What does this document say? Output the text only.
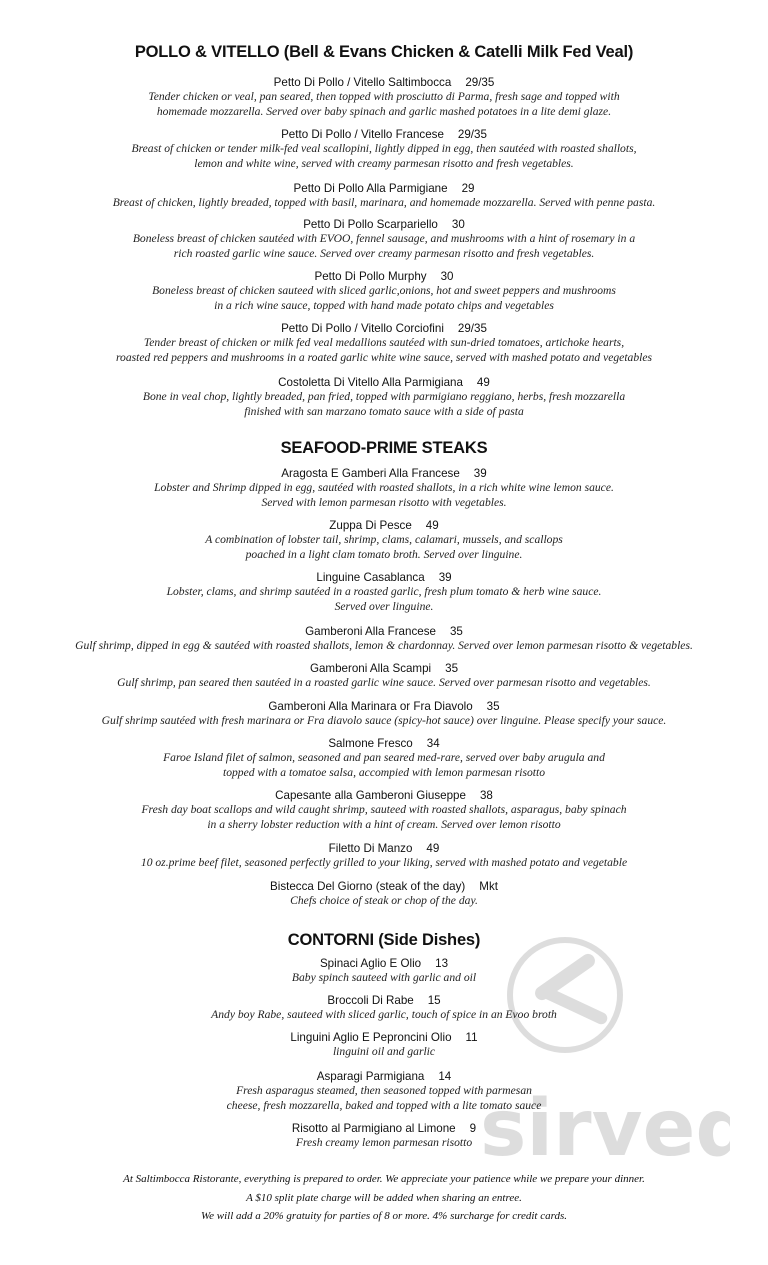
sirved
POLLO & VITELLO (Bell & Evans Chicken & Catelli Milk Fed Veal)
Petto Di Pollo / Vitello Saltimbocca 29/35
Tender chicken or veal, pan seared, then topped with prosciutto di Parma, fresh sage and topped with
homemade mozzarella. Served over baby spinach and garlic mashed potatoes in a lite demi glaze.
Petto Di Pollo / Vitello Francese 29/35
Breast of chicken or tender milk-fed veal scallopini, lightly dipped in egg, then sautéed with roasted shallots,
lemon and white wine, served with creamy parmesan risotto and fresh vegetables.
Petto Di Pollo Alla Parmigiane 29
Breast of chicken, lightly breaded, topped with basil, marinara, and homemade mozzarella. Served with penne pasta.
Petto Di Pollo Scarpariello 30
Boneless breast of chicken sautéed with EVOO, fennel sausage, and mushrooms with a hint of rosemary in a
rich roasted garlic wine sauce. Served over creamy parmesan risotto and fresh vegetables.
Petto Di Pollo Murphy 30
Boneless breast of chicken sauteed with sliced garlic,onions, hot and sweet peppers and mushrooms
in a rich wine sauce, topped with hand made potato chips and vegetables
Petto Di Pollo / Vitello Corciofini 29/35
Tender breast of chicken or milk fed veal medallions sautéed with sun-dried tomatoes, artichoke hearts,
roasted red peppers and mushrooms in a roated garlic white wine sauce, served with mashed potato and vegetables
Costoletta Di Vitello Alla Parmigiana 49
Bone in veal chop, lightly breaded, pan fried, topped with parmigiano reggiano, herbs, fresh mozzarella
finished with san marzano tomato sauce with a side of pasta
SEAFOOD-PRIME STEAKS
Aragosta E Gamberi Alla Francese 39
Lobster and Shrimp dipped in egg, sautéed with roasted shallots, in a rich white wine lemon sauce.
Served with lemon parmesan risotto with vegetables.
Zuppa Di Pesce 49
A combination of lobster tail, shrimp, clams, calamari, mussels, and scallops
poached in a light clam tomato broth. Served over linguine.
Linguine Casablanca 39
Lobster, clams, and shrimp sautéed in a roasted garlic, fresh plum tomato & herb wine sauce.
Served over linguine.
Gamberoni Alla Francese 35
Gulf shrimp, dipped in egg & sautéed with roasted shallots, lemon & chardonnay. Served over lemon parmesan risotto & vegetables.
Gamberoni Alla Scampi 35
Gulf shrimp, pan seared then sautéed in a roasted garlic wine sauce. Served over parmesan risotto and vegetables.
Gamberoni Alla Marinara or Fra Diavolo 35
Gulf shrimp sautéed with fresh marinara or Fra diavolo sauce (spicy-hot sauce) over linguine. Please specify your sauce.
Salmone Fresco 34
Faroe Island filet of salmon, seasoned and pan seared med-rare, served over baby arugula and
topped with a tomatoe salsa, accompied with lemon parmesan risotto
Capesante alla Gamberoni Giuseppe 38
Fresh day boat scallops and wild caught shrimp, sauteed with roasted shallots, asparagus, baby spinach
in a sherry lobster reduction with a hint of cream. Served over lemon risotto
Filetto Di Manzo 49
10 oz.prime beef filet, seasoned perfectly grilled to your liking, served with mashed potato and vegetable
Bistecca Del Giorno (steak of the day) Mkt
Chefs choice of steak or chop of the day.
CONTORNI (Side Dishes)
Spinaci Aglio E Olio 13
Baby spinch sauteed with garlic and oil
Broccoli Di Rabe 15
Andy boy Rabe, sauteed with sliced garlic, touch of spice in an Evoo broth
Linguini Aglio E Peproncini Olio 11
linguini oil and garlic
Asparagi Parmigiana 14
Fresh asparagus steamed, then seasoned topped with parmesan
cheese, fresh mozzarella, baked and topped with a lite tomato sauce
Risotto al Parmigiano al Limone 9
Fresh creamy lemon parmesan risotto
At Saltimbocca Ristorante, everything is prepared to order. We appreciate your patience while we prepare your dinner.
A $10 split plate charge will be added when sharing an entree.
We will add a 20% gratuity for parties of 8 or more. 4% surcharge for credit cards.
